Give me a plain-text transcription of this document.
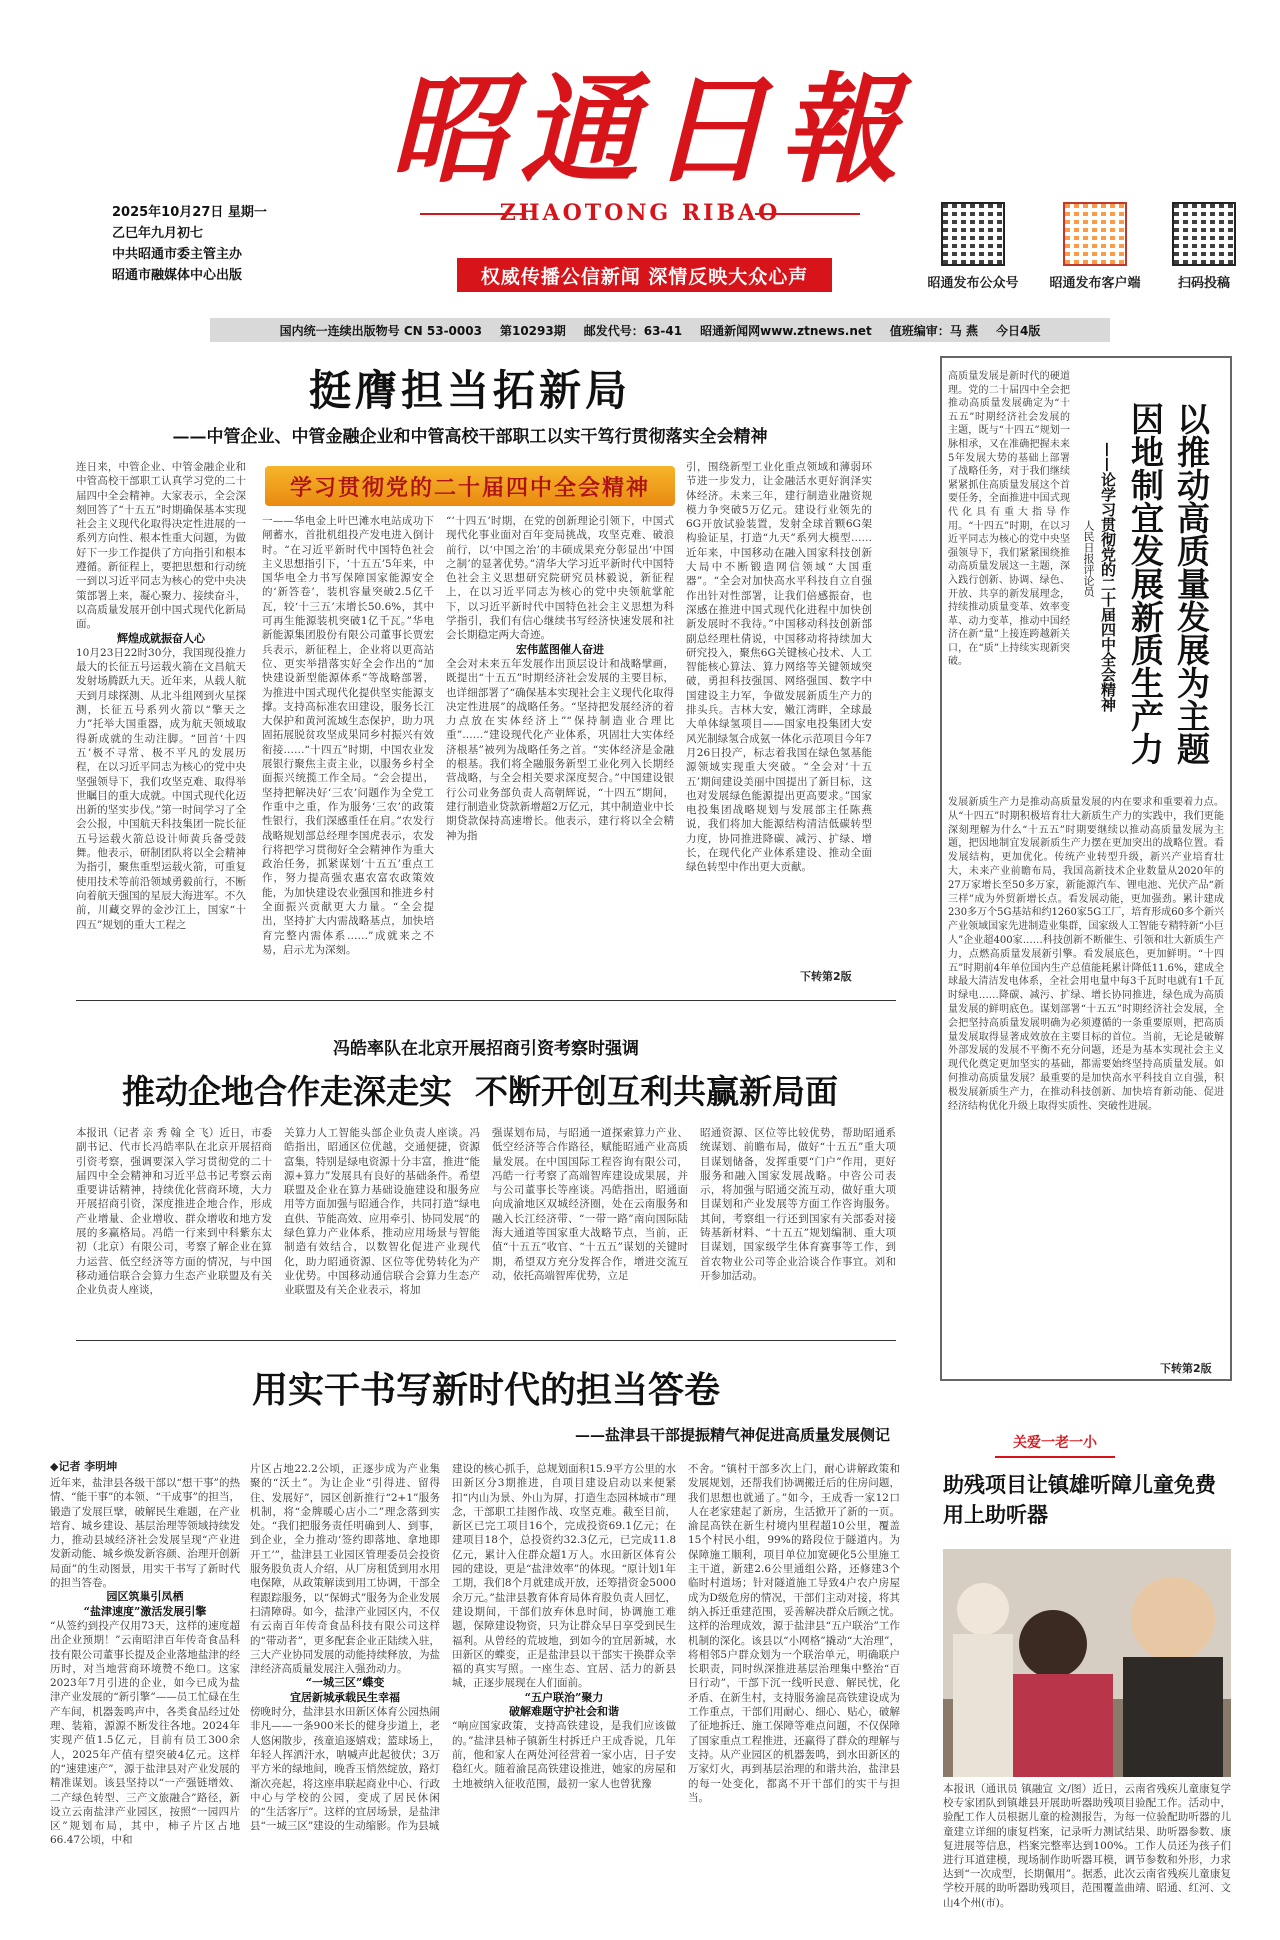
昭通日報
ZHAOTONG RIBAO
权威传播公信新闻 深情反映大众心声
2025年10月27日 星期一
乙巳年九月初七
中共昭通市委主管主办
昭通市融媒体中心出版
昭通发布公众号 昭通发布客户端	扫码投稿
国内统一连续出版物号 CN 53-0003 第10293期 邮发代号：63-41 昭通新闻网www.ztnews.net 值班编审：马 燕 今日4版
挺膺担当拓新局
——中管企业、中管金融企业和中管高校干部职工以实干笃行贯彻落实全会精神
学习贯彻党的二十届四中全会精神
连日来，中管企业、中管金融企业和中管高校干部职工认真学习党的二十届四中全会精神。大家表示，全会深刻回答了“十五五”时期确保基本实现社会主义现代化取得决定性进展的一系列方向性、根本性重大问题，为做好下一步工作提供了方向指引和根本遵循。新征程上，要把思想和行动统一到以习近平同志为核心的党中央决策部署上来，凝心聚力、接续奋斗，以高质量发展开创中国式现代化新局面。
辉煌成就振奋人心
10月23日22时30分，我国现役推力最大的长征五号运载火箭在文昌航天发射场腾跃九天。近年来，从载人航天到月球探测、从北斗组网到火星探测，长征五号系列火箭以“擎天之力”托举大国重器，成为航天领域取得新成就的生动注脚。“回首‘十四五’极不寻常、极不平凡的发展历程，在以习近平同志为核心的党中央坚强领导下，我们攻坚克难、取得举世瞩目的重大成就。中国式现代化迈出新的坚实步伐。”第一时间学习了全会公报，中国航天科技集团一院长征五号运载火箭总设计师黄兵备受鼓舞。他表示，研制团队将以全会精神为指引，聚焦重型运载火箭，可重复使用技术等前沿领域勇毅前行，不断向着航天强国的星辰大海进军。不久前，川藏交界的金沙江上，国家“十四五”规划的重大工程之
一——华电金上叶巴滩水电站成功下闸蓄水，首批机组投产发电进入倒计时。“在习近平新时代中国特色社会主义思想指引下，‘十五五’5年来，中国华电全力书写保障国家能源安全的‘新答卷’，装机容量突破2.5亿千瓦，较‘十三五’末增长50.6%，其中可再生能源装机突破1亿千瓦。”华电新能源集团股份有限公司董事长贾宏兵表示，新征程上，企业将以更高站位、更实举措落实好全会作出的“加快建设新型能源体系”等战略部署，为推进中国式现代化提供坚实能源支撑。支持高标准农田建设，服务长江大保护和黄河流域生态保护，助力巩固拓展脱贫攻坚成果同乡村振兴有效衔接……“十四五”时期，中国农业发展银行聚焦主责主业，以服务乡村全面振兴统揽工作全局。“会会提出，坚持把解决好‘三农’问题作为全党工作重中之重，作为服务‘三农’的政策性银行，我们深感重任在肩。”农发行战略规划部总经理李国虎表示，农发行将把学习贯彻好全会精神作为重大政治任务，抓紧谋划‘十五五’重点工作，努力提高强农惠农富农政策效能，为加快建设农业强国和推进乡村全面振兴贡献更大力量。“全会提出，坚持扩大内需战略基点，加快培育完整内需体系……”成就来之不易，启示尤为深刻。
“‘十四五’时期，在党的创新理论引领下，中国式现代化事业面对百年变局挑战，攻坚克难、破浪前行，以‘中国之治’的丰硕成果充分彰显出‘中国之制’的显著优势。”清华大学习近平新时代中国特色社会主义思想研究院研究员林毅说，新征程上，在以习近平同志为核心的党中央领航掌舵下，以习近平新时代中国特色社会主义思想为科学指引，我们有信心继续书写经济快速发展和社会长期稳定两大奇迹。
宏伟蓝图催人奋进
全会对未来五年发展作出顶层设计和战略擘画，既提出“十五五”时期经济社会发展的主要目标，也详细部署了“确保基本实现社会主义现代化取得决定性进展”的战略任务。“坚持把发展经济的着力点放在实体经济上”“保持制造业合理比重”……“建设现代化产业体系，巩固壮大实体经济根基”被列为战略任务之首。“实体经济是金融的根基。我们将全融服务新型工业化列入长期经营战略，与全会相关要求深度契合。”中国建设银行公司业务部负责人高朝辉说，“十四五”期间，建行制造业贷款新增超2万亿元，其中制造业中长期贷款保持高速增长。他表示，建行将以全会精神为指
引，围绕新型工业化重点领域和薄弱环节进一步发力，让金融活水更好润泽实体经济。未来三年，建行制造业融资规模力争突破5万亿元。建设行业领先的6G开放试验装置，发射全球首颗6G架构验证星，打造“九天”系列大模型……近年来，中国移动在融入国家科技创新大局中不断锻造网信领域“大国重器”。“全会对加快高水平科技自立自强作出针对性部署，让我们倍感振奋，也深感在推进中国式现代化进程中加快创新发展时不我待。”中国移动科技创新部副总经理杜倩说，中国移动将持续加大研究投入，聚焦6G关键核心技术、人工智能核心算法、算力网络等关键领域突破，勇担科技强国、网络强国、数字中国建设主力军，争做发展新质生产力的排头兵。吉林大安，嫩江湾畔，全球最大单体绿氢项目——国家电投集团大安风光制绿氢合成氨一体化示范项目今年7月26日投产，标志着我国在绿色氢基能源领域实现重大突破。“全会对‘十五五’期间建设美丽中国提出了新目标，这也对发展绿色能源提出更高要求。”国家电投集团战略规划与发展部主任陈燕说，我们将加大能源结构清洁低碳转型力度，协同推进降碳、减污、扩绿、增长，在现代化产业体系建设、推动全面绿色转型中作出更大贡献。
下转第2版
冯皓率队在北京开展招商引资考察时强调
推动企地合作走深走实  不断开创互利共赢新局面
本报讯（记者 亲 秀 翰 全 飞）近日，市委副书记、代市长冯皓率队在北京开展招商引资考察，强调要深入学习贯彻党的二十届四中全会精神和习近平总书记考察云南重要讲话精神，持续优化营商环境，大力开展招商引资，深度推进企地合作，形成产业增量、企业增收、群众增收和地方发展的多赢格局。冯皓一行来到中科紫东太初（北京）有限公司，考察了解企业在算力运营、低空经济等方面的情况，与中国移动通信联合会算力生态产业联盟及有关企业负责人座谈，
关算力人工智能头部企业负责人座谈。冯皓指出，昭通区位优越，交通便捷，资源富集，特别是绿电资源十分丰富，推进“能源+算力”发展具有良好的基础条件。希望联盟及企业在算力基础设施建设和服务应用等方面加强与昭通合作，共同打造“绿电直供、节能高效、应用牵引、协同发展”的绿色算力产业体系，推动应用场景与智能制造有效结合，以数智化促进产业现代化，助力昭通资源、区位等优势转化为产业优势。中国移动通信联合会算力生态产业联盟及有关企业表示，将加
强谋划布局，与昭通一道探索算力产业、低空经济等合作路径，赋能昭通产业高质量发展。在中国国际工程咨询有限公司，冯皓一行考察了高端智库建设成果展，并与公司董事长等座谈。冯皓指出，昭通面向成渝地区双城经济圈，处在云南服务和融入长江经济带、“一带一路”南向国际陆海大通道等国家重大战略节点，当前，正值“十五五”收官、“十五五”谋划的关键时期，希望双方充分发挥合作，增进交流互动，依托高端智库优势，立足
昭通资源、区位等比较优势，帮助昭通系统谋划、前瞻布局，做好“十五五”重大项目谋划储备，发挥重要“门户”作用，更好服务和融入国家发展战略。中咨公司表示，将加强与昭通交流互动，做好重大项目谋划和产业发展等方面工作咨询服务。其间，考察组一行还到国家有关部委对接铸基新材料、“十五五”规划编制、重大项目谋划，国家级学生体育赛事等工作，到首农物业公司等企业洽谈合作事宜。刘和开参加活动。
用实干书写新时代的担当答卷
——盐津县干部提振精气神促进高质量发展侧记
◆记者 李明坤
近年来，盐津县各级干部以“想干事”的热情、“能干事”的本领、“干成事”的担当，锻造了发展巨擘，破解民生难题，在产业培育、城乡建设、基层治理等领域持续发力，推动县域经济社会发展呈现“产业进发新动能、城乡焕发新容颜、治理开创新局面”的生动图景，用实干书写了新时代的担当答卷。
园区筑巢引凤栖
“盐津速度”激活发展引擎
“从签约到投产仅用73天，这样的速度超出企业预期！”云南昭津百年传奇食品科技有限公司董事长提及企业落地盐津的经历时，对当地营商环境赞不绝口。这家2023年7月引进的企业，如今已成为盐津产业发展的“新引擎”——员工忙碌在生产车间，机器轰鸣声中，各类食品经过处理、装箱，源源不断发往各地。2024年实现产值1.5亿元，目前有员工300余人，2025年产值有望突破4亿元。这样的“速建速产”，源于盐津县对产业发展的精准谋划。该县坚持以“一产强链增效、二产绿色转型、三产文旅融合”路径，新设立云南盐津产业园区，按照“一园四片区”规划布局，其中，柿子片区占地66.47公顷，中和
片区占地22.2公顷，正逐步成为产业集聚的“沃土”。为让企业“引得进、留得住、发展好”，园区创新推行“2+1”服务机制，将“金牌暖心店小二”理念落到实处。“我们把服务责任明确到人、到事，到企业，全力推动‘签约即落地、拿地即开工’”，盐津县工业园区管理委员会投资服务股负责人介绍，从厂房租赁到用水用电保障，从政策解读到用工协调，干部全程跟踪服务，以“保姆式”服务为企业发展扫清障碍。如今，盐津产业园区内，不仅有云南百年传奇食品科技有限公司这样的“带动者”，更多配套企业正陆续入驻，三大产业协同发展的动能持续释放，为盐津经济高质量发展注入强劲动力。
“一城三区”蝶变
宜居新城承载民生幸福
傍晚时分，盐津县水田新区体育公园热闹非凡——一条900米长的健身步道上，老人悠闲散步，孩童追逐嬉戏；篮球场上，年轻人挥洒汗水，呐喊声此起彼伏；3万平方米的绿地间，晚香玉悄然绽放，路灯渐次亮起，将这座串联起商业中心、行政中心与学校的公园，变成了居民休闲的“生活客厅”。这样的宜居场景，是盐津县“一城三区”建设的生动缩影。作为县城
建设的核心抓手，总规划面积15.9平方公里的水田新区分3期推进，自项目建设启动以来便紧扣“内山为景、外山为屏，打造生态园林城市”理念，干部职工挂图作战、攻坚克难。截至目前，新区已完工项目16个，完成投资69.1亿元；在建项目18个，总投资约32.3亿元，已完成11.8亿元，累计入住群众超1万人。水田新区体育公园的建设，更是“盐津效率”的体现。“原计划1年工期，我们8个月就建成开放，还筹措资金5000余万元。”盐津县教育体育局体育股负责人回忆，建设期间，干部们放弃休息时间，协调施工难题，保障建设物资，只为让群众早日享受到民生福利。从曾经的荒坡地，到如今的宜居新城，水田新区的蝶变，正是盐津县以干部实干换群众幸福的真实写照。一座生态、宜居、活力的新县城，正逐步展现在人们面前。
“五户联治”聚力
破解难题守护社会和谐
“响应国家政策，支持高铁建设，是我们应该做的。”盐津县柿子镇新生村拆迁户王成香说，几年前，他和家人在两处河径营着一家小店，日子安稳红火。随着渝昆高铁建设推进，她家的房屋和土地被纳入征收范围，最初一家人也曾犹豫
不舍。“镇村干部多次上门，耐心讲解政策和发展规划，还帮我们协调搬迁后的住房问题，我们思想也就通了。”如今，王成香一家12口人在老家建起了新房，生活掀开了新的一页。渝昆高铁在新生村境内里程超10公里，覆盖15个村民小组，99%的路段位于隧道内。为保障施工顺利，项目单位加宽硬化5公里施工主干道，新建2.6公里通组公路，还修建3个临时村道场；针对隧道施工导致4户农户房屋成为D级危房的情况，干部们主动对接，将其纳入拆迁重建范围，妥善解决群众后顾之忧。这样的治理成效，源于盐津县“五户联治”工作机制的深化。该县以“小网格”撬动“大治理”，将相邻5户群众划为一个联治单元，明确联户长职责，同时纵深推进基层治理集中整治“百日行动”，干部下沉一线听民意、解民忧，化矛盾、在新生村，支持服务渝昆高铁建设成为工作重点，干部们用耐心、细心、贴心，破解了征地拆迁、施工保障等难点问题，不仅保障了国家重点工程推进，还赢得了群众的理解与支持。从产业园区的机器轰鸣，到水田新区的万家灯火，再到基层治理的和谐共治，盐津县的每一处变化，都离不开干部们的实干与担当。
以推动高质量发展为主题
因地制宜发展新质生产力
——论学习贯彻党的二十届四中全会精神
人民日报评论员
高质量发展是新时代的硬道理。党的二十届四中全会把推动高质量发展确定为“十五五”时期经济社会发展的主题，既与“十四五”规划一脉相承，又在准确把握未来5年发展大势的基础上部署了战略任务，对于我们继续紧紧抓住高质量发展这个首要任务，全面推进中国式现代化具有重大指导作用。“十四五”时期，在以习近平同志为核心的党中央坚强领导下，我们紧紧围绕推动高质量发展这一主题，深入践行创新、协调、绿色、开放、共享的新发展理念，持续推动质量变革、效率变革、动力变革，推动中国经济在新“量”上接连跨越新关口，在“质”上持续实现新突破。
发展新质生产力是推动高质量发展的内在要求和重要着力点。从“十四五”时期积极培育壮大新质生产力的实践中，我们更能深刻理解为什么“十五五”时期要继续以推动高质量发展为主题，把因地制宜发展新质生产力摆在更加突出的战略位置。看发展结构，更加优化。传统产业转型升级，新兴产业培育壮大，未来产业前瞻布局，我国高新技术企业数量从2020年的27万家增长至50多万家，新能源汽车、锂电池、光伏产品“新三样”成为外贸新增长点。看发展动能，更加强劲。累计建成230多万个5G基站和约1260家5G工厂，培育形成60多个新兴产业领域国家先进制造业集群，国家级人工智能专精特新“小巨人”企业超400家……科技创新不断催生、引领和壮大新质生产力，点燃高质量发展新引擎。看发展底色，更加鲜明。“十四五”时期前4年单位国内生产总值能耗累计降低11.6%，建成全球最大清洁发电体系，全社会用电量中每3千瓦时电就有1千瓦时绿电……降碳、减污、扩绿、增长协同推进，绿色成为高质量发展的鲜明底色。谋划部署“十五五”时期经济社会发展，全会把坚持高质量发展明确为必须遵循的一条重要原则，把高质量发展取得显著成效放在主要目标的首位。当前，无论是破解外部发展的发展不平衡不充分问题，还是为基本实现社会主义现代化奠定更加坚实的基础，都需要始终坚持高质量发展。如何推动高质量发展？最重要的是加快高水平科技自立自强，积极发展新质生产力，在推动科技创新、加快培育新动能、促进经济结构优化升级上取得实质性、突破性进展。
下转第2版
关爱一老一小
助残项目让镇雄听障儿童免费用上助听器
本报讯（通讯员 镇融宣 文/图）近日，云南省残疾儿童康复学校专家团队到镇雄县开展助听器助残项目验配工作。活动中，验配工作人员根据儿童的检测报告，为每一位验配助听器的儿童建立详细的康复档案，记录听力测试结果、助听器参数、康复进展等信息，档案完整率达到100%。工作人员还为孩子们进行耳道建模，现场制作助听器耳模，调节参数和外形，力求达到“一次成型，长期佩用”。据悉，此次云南省残疾儿童康复学校开展的助听器助残项目，范围覆盖曲靖、昭通、红河、文山4个州(市)。
